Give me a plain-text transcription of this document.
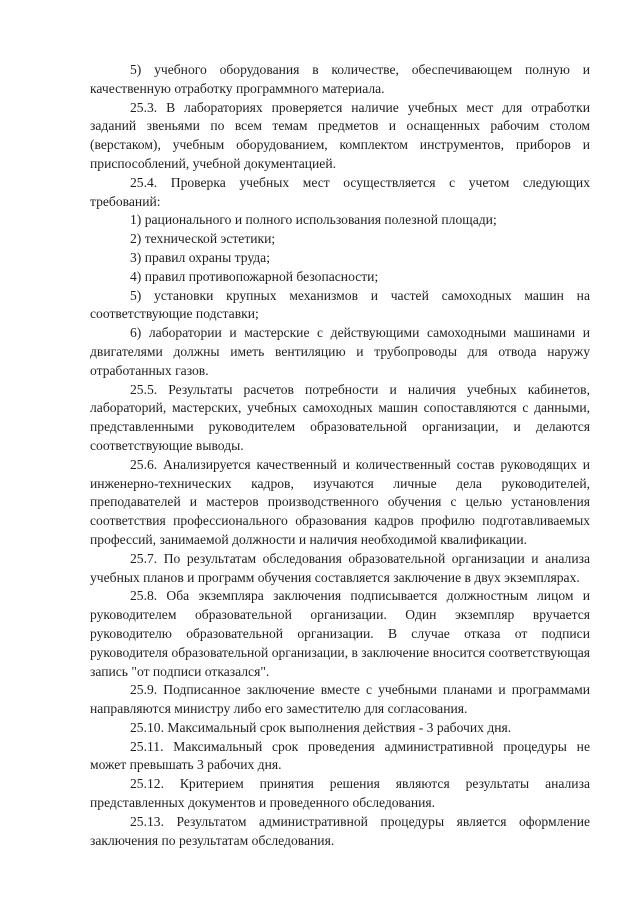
5) учебного оборудования в количестве, обеспечивающем полную и качественную отработку программного материала.

25.3. В лабораториях проверяется наличие учебных мест для отработки заданий звеньями по всем темам предметов и оснащенных рабочим столом (верстаком), учебным оборудованием, комплектом инструментов, приборов и приспособлений, учебной документацией.

25.4. Проверка учебных мест осуществляется с учетом следующих требований:

1) рационального и полного использования полезной площади;

2) технической эстетики;

3) правил охраны труда;

4) правил противопожарной безопасности;

5) установки крупных механизмов и частей самоходных машин на соответствующие подставки;

6) лаборатории и мастерские с действующими самоходными машинами и двигателями должны иметь вентиляцию и трубопроводы для отвода наружу отработанных газов.

25.5. Результаты расчетов потребности и наличия учебных кабинетов, лабораторий, мастерских, учебных самоходных машин сопоставляются с данными, представленными руководителем образовательной организации, и делаются соответствующие выводы.

25.6. Анализируется качественный и количественный состав руководящих и инженерно-технических кадров, изучаются личные дела руководителей, преподавателей и мастеров производственного обучения с целью установления соответствия профессионального образования кадров профилю подготавливаемых профессий, занимаемой должности и наличия необходимой квалификации.

25.7. По результатам обследования образовательной организации и анализа учебных планов и программ обучения составляется заключение в двух экземплярах.

25.8. Оба экземпляра заключения подписывается должностным лицом и руководителем образовательной организации. Один экземпляр вручается руководителю образовательной организации. В случае отказа от подписи руководителя образовательной организации, в заключение вносится соответствующая запись "от подписи отказался".

25.9. Подписанное заключение вместе с учебными планами и программами направляются министру либо его заместителю для согласования.

25.10. Максимальный срок выполнения действия - 3 рабочих дня.

25.11. Максимальный срок проведения административной процедуры не может превышать 3 рабочих дня.

25.12. Критерием принятия решения являются результаты анализа представленных документов и проведенного обследования.

25.13. Результатом административной процедуры является оформление заключения по результатам обследования.
